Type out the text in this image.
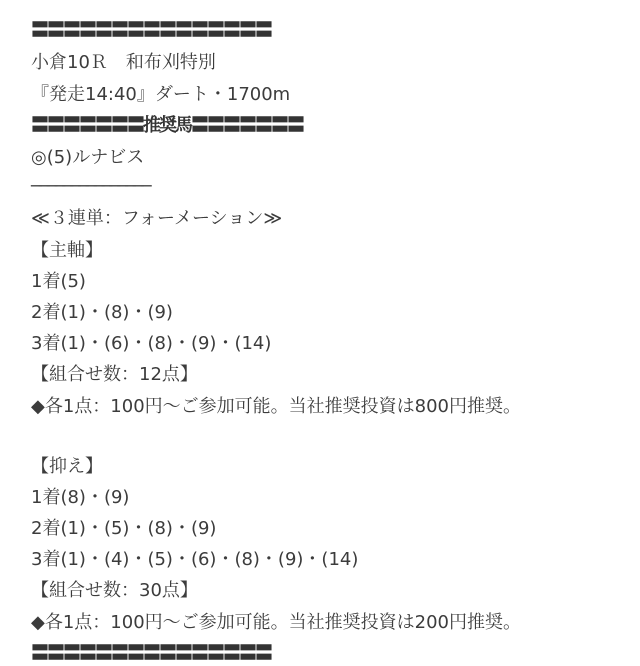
〓〓〓〓〓〓〓〓〓〓〓〓〓〓〓
小倉10Ｒ　和布刈特別
『発走14:40』ダート・1700m
〓〓〓〓〓〓〓推奨馬〓〓〓〓〓〓〓
◎(5)ルナビス
───────────────
≪３連単：フォーメーション≫
【主軸】
1着(5)
2着(1)・(8)・(9)
3着(1)・(6)・(8)・(9)・(14)
【組合せ数：12点】
◆各1点：100円～ご参加可能。当社推奨投資は800円推奨。
【抑え】
1着(8)・(9)
2着(1)・(5)・(8)・(9)
3着(1)・(4)・(5)・(6)・(8)・(9)・(14)
【組合せ数：30点】
◆各1点：100円～ご参加可能。当社推奨投資は200円推奨。
〓〓〓〓〓〓〓〓〓〓〓〓〓〓〓
